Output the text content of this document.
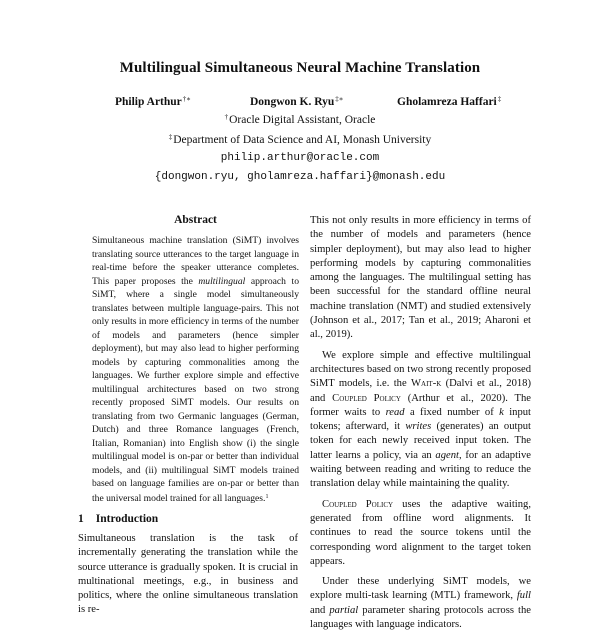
Multilingual Simultaneous Neural Machine Translation
Philip Arthur†∗	Dongwon K. Ryu‡∗	Gholamreza Haffari‡
†Oracle Digital Assistant, Oracle
‡Department of Data Science and AI, Monash University
philip.arthur@oracle.com
{dongwon.ryu, gholamreza.haffari}@monash.edu
Abstract
Simultaneous machine translation (SiMT) involves translating source utterances to the target language in real-time before the speaker utterance completes. This paper proposes the multilingual approach to SiMT, where a single model simultaneously translates between multiple language-pairs. This not only results in more efficiency in terms of the number of models and parameters (hence simpler deployment), but may also lead to higher performing models by capturing commonalities among the languages. We further explore simple and effective multilingual architectures based on two strong recently proposed SiMT models. Our results on translating from two Germanic languages (German, Dutch) and three Romance languages (French, Italian, Romanian) into English show (i) the single multilingual model is on-par or better than individual models, and (ii) multilingual SiMT models trained based on language families are on-par or better than the universal model trained for all languages.$^1$
1 Introduction
Simultaneous translation is the task of incrementally generating the translation while the source utterance is gradually spoken. It is crucial in multinational meetings, e.g., in business and politics, where the online simultaneous translation is re-

This not only results in more efficiency in terms of the number of models and parameters (hence simpler deployment), but may also lead to higher performing models by capturing commonalities among the languages. The multilingual setting has been successful for the standard offline neural machine translation (NMT) and studied extensively (Johnson et al., 2017; Tan et al., 2019; Aharoni et al., 2019).

We explore simple and effective multilingual architectures based on two strong recently proposed SiMT models, i.e. the Wait-k (Dalvi et al., 2018) and Coupled Policy (Arthur et al., 2020). The former waits to read a fixed number of k input tokens; afterward, it writes (generates) an output token for each newly received input token. The latter learns a policy, via an agent, for an adaptive waiting between reading and writing to reduce the translation delay while maintaining the quality.

Coupled Policy uses the adaptive waiting, generated from offline word alignments. It continues to read the source tokens until the corresponding word alignment to the target token appears.

Under these underlying SiMT models, we explore multi-task learning (MTL) framework, full and partial parameter sharing protocols across the languages with language indicators.
